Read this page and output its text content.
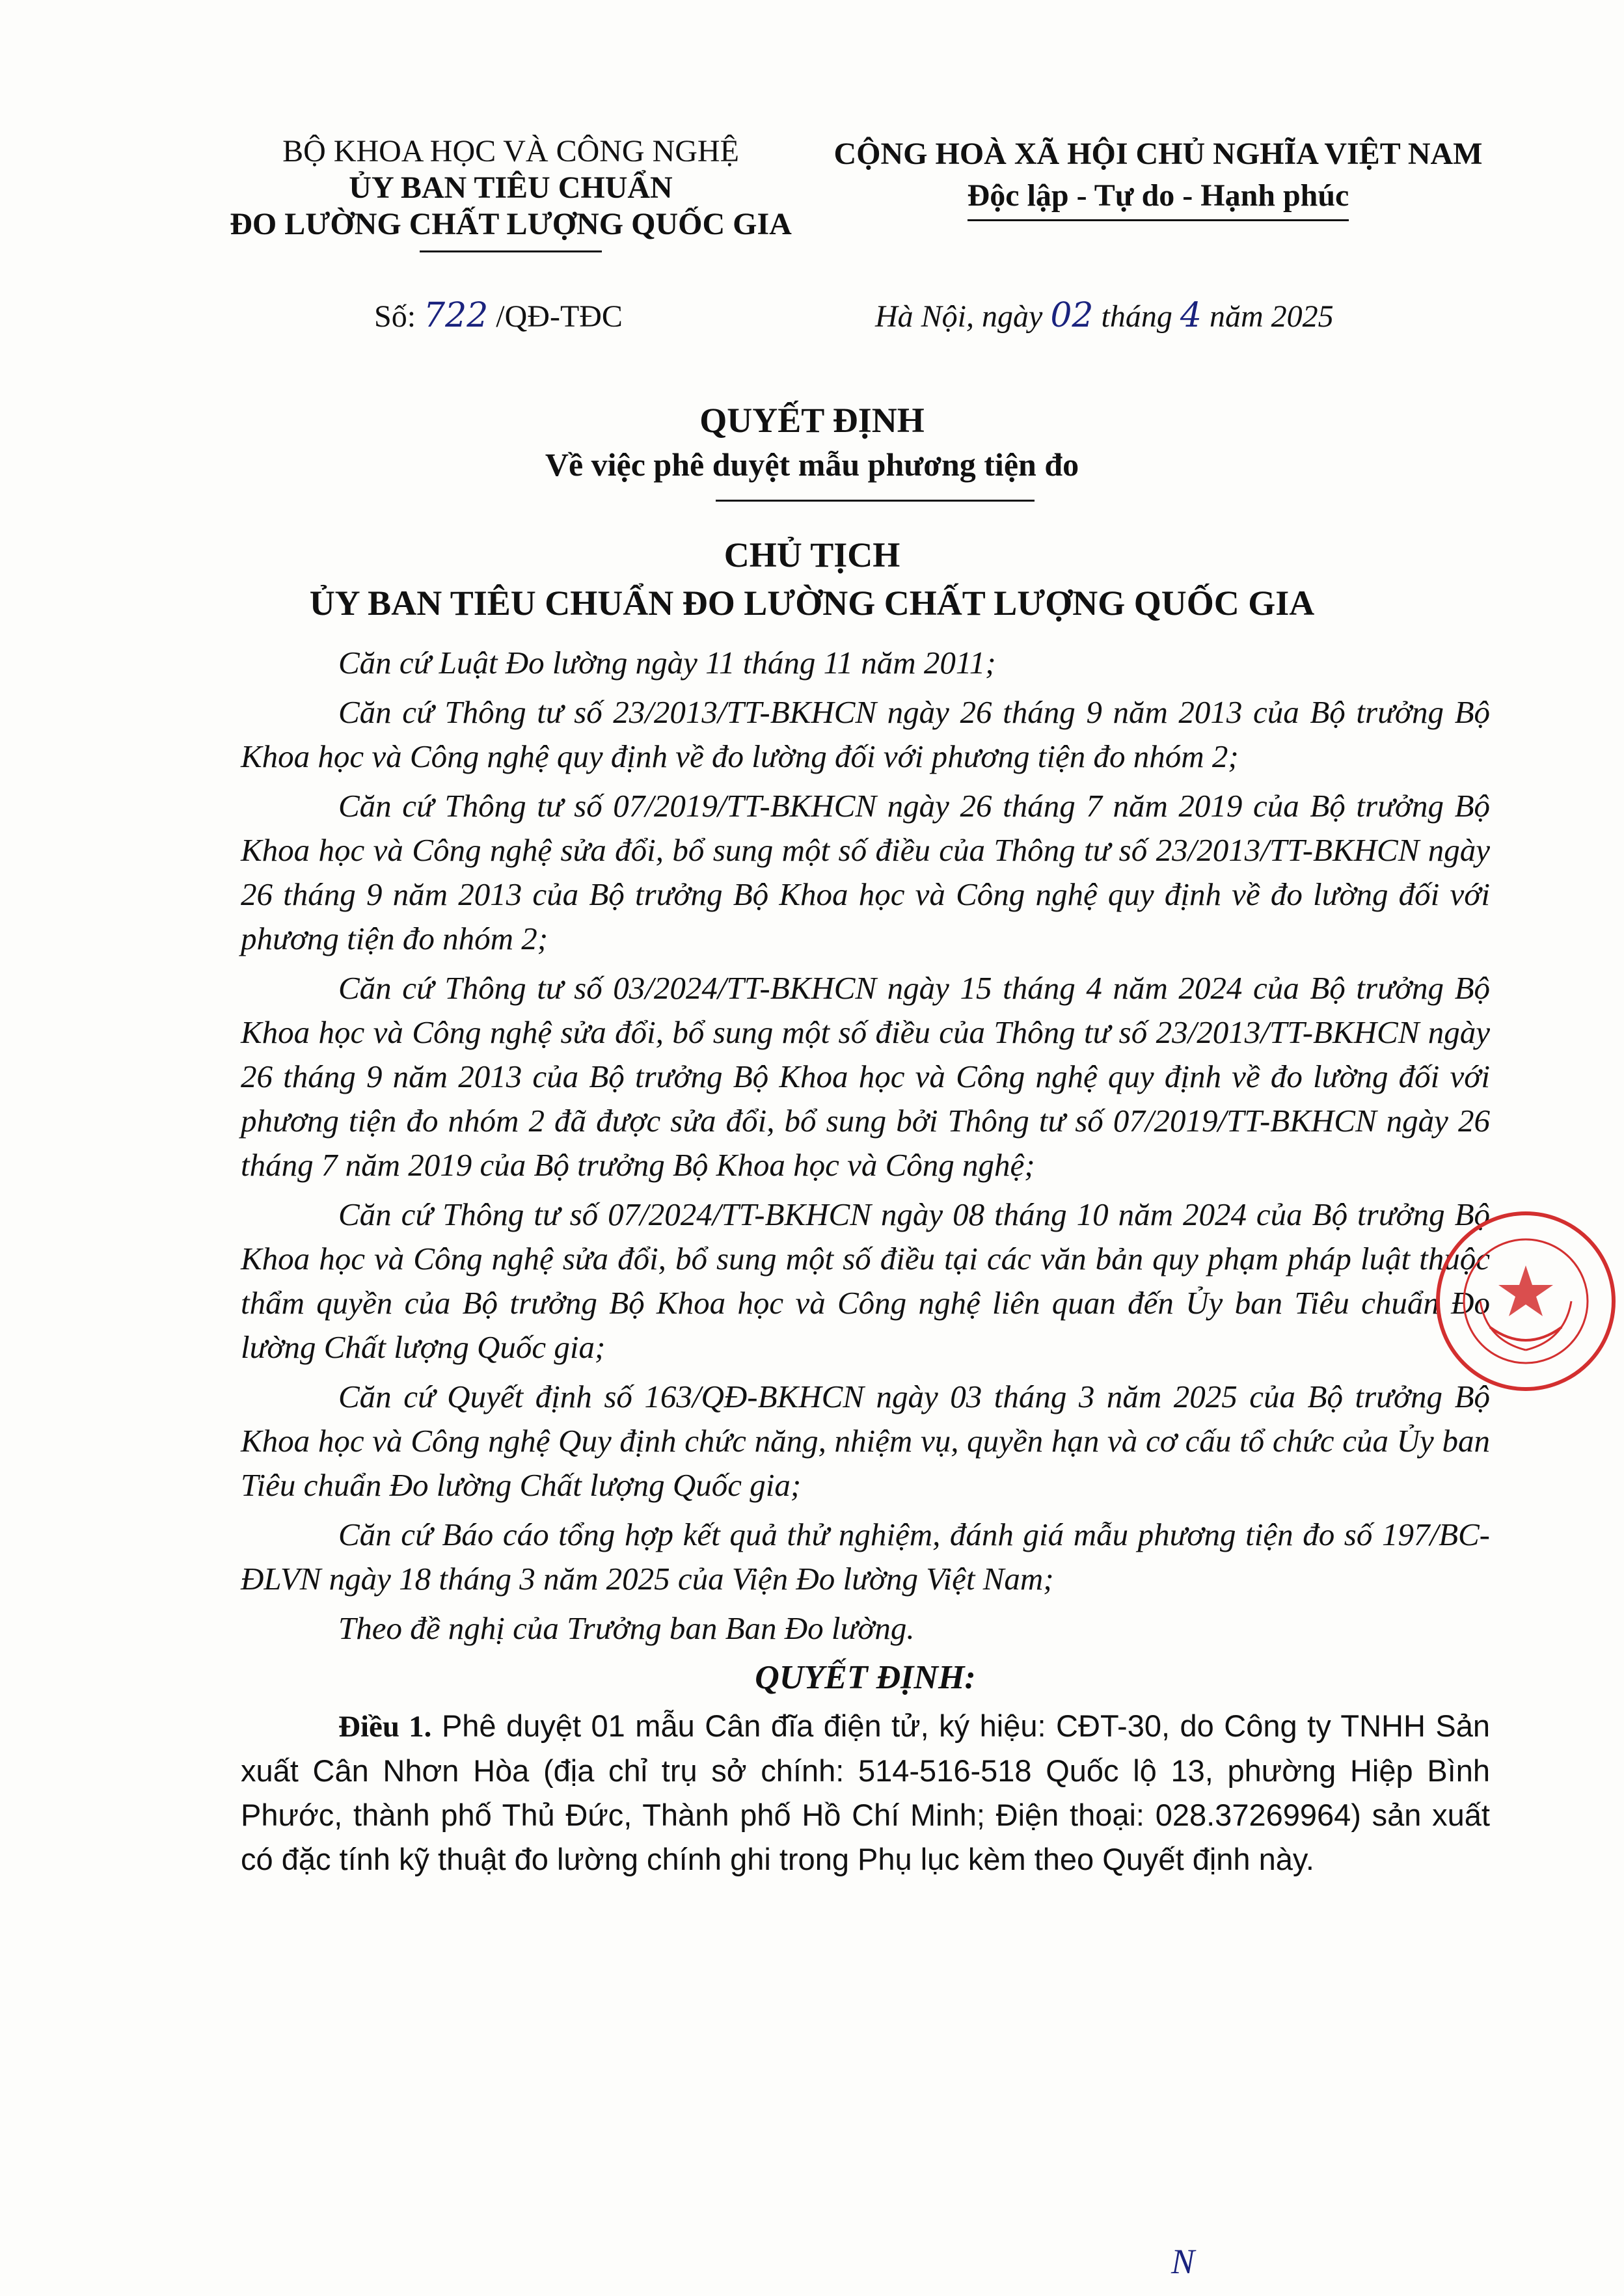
BỘ KHOA HỌC VÀ CÔNG NGHỆ
ỦY BAN TIÊU CHUẨN
ĐO LƯỜNG CHẤT LƯỢNG QUỐC GIA
CỘNG HOÀ XÃ HỘI CHỦ NGHĨA VIỆT NAM
Độc lập - Tự do - Hạnh phúc
Số: 722 /QĐ-TĐC	Hà Nội, ngày 02 tháng 4 năm 2025
QUYẾT ĐỊNH
Về việc phê duyệt mẫu phương tiện đo
CHỦ TỊCH
ỦY BAN TIÊU CHUẨN ĐO LƯỜNG CHẤT LƯỢNG QUỐC GIA

Căn cứ Luật Đo lường ngày 11 tháng 11 năm 2011;

Căn cứ Thông tư số 23/2013/TT-BKHCN ngày 26 tháng 9 năm 2013 của Bộ trưởng Bộ Khoa học và Công nghệ quy định về đo lường đối với phương tiện đo nhóm 2;

Căn cứ Thông tư số 07/2019/TT-BKHCN ngày 26 tháng 7 năm 2019 của Bộ trưởng Bộ Khoa học và Công nghệ sửa đổi, bổ sung một số điều của Thông tư số 23/2013/TT-BKHCN ngày 26 tháng 9 năm 2013 của Bộ trưởng Bộ Khoa học và Công nghệ quy định về đo lường đối với phương tiện đo nhóm 2;

Căn cứ Thông tư số 03/2024/TT-BKHCN ngày 15 tháng 4 năm 2024 của Bộ trưởng Bộ Khoa học và Công nghệ sửa đổi, bổ sung một số điều của Thông tư số 23/2013/TT-BKHCN ngày 26 tháng 9 năm 2013 của Bộ trưởng Bộ Khoa học và Công nghệ quy định về đo lường đối với phương tiện đo nhóm 2 đã được sửa đổi, bổ sung bởi Thông tư số 07/2019/TT-BKHCN ngày 26 tháng 7 năm 2019 của Bộ trưởng Bộ Khoa học và Công nghệ;

Căn cứ Thông tư số 07/2024/TT-BKHCN ngày 08 tháng 10 năm 2024 của Bộ trưởng Bộ Khoa học và Công nghệ sửa đổi, bổ sung một số điều tại các văn bản quy phạm pháp luật thuộc thẩm quyền của Bộ trưởng Bộ Khoa học và Công nghệ liên quan đến Ủy ban Tiêu chuẩn Đo lường Chất lượng Quốc gia;

Căn cứ Quyết định số 163/QĐ-BKHCN ngày 03 tháng 3 năm 2025 của Bộ trưởng Bộ Khoa học và Công nghệ Quy định chức năng, nhiệm vụ, quyền hạn và cơ cấu tổ chức của Ủy ban Tiêu chuẩn Đo lường Chất lượng Quốc gia;

Căn cứ Báo cáo tổng hợp kết quả thử nghiệm, đánh giá mẫu phương tiện đo số 197/BC-ĐLVN ngày 18 tháng 3 năm 2025 của Viện Đo lường Việt Nam;

Theo đề nghị của Trưởng ban Ban Đo lường.

QUYẾT ĐỊNH:

Điều 1. Phê duyệt 01 mẫu Cân đĩa điện tử, ký hiệu: CĐT-30, do Công ty TNHH Sản xuất Cân Nhơn Hòa (địa chỉ trụ sở chính: 514-516-518 Quốc lộ 13, phường Hiệp Bình Phước, thành phố Thủ Đức, Thành phố Hồ Chí Minh; Điện thoại: 028.37269964) sản xuất có đặc tính kỹ thuật đo lường chính ghi trong Phụ lục kèm theo Quyết định này.

N
